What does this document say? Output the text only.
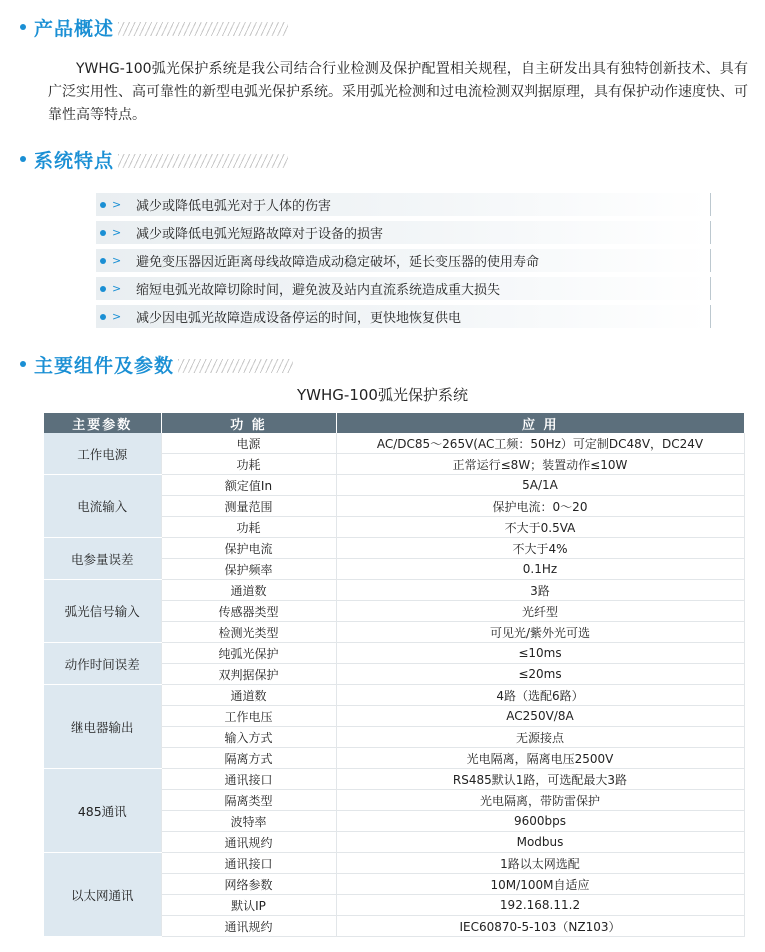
产品概述
YWHG-100弧光保护系统是我公司结合行业检测及保护配置相关规程，自主研发出具有独特创新技术、具有广泛实用性、高可靠性的新型电弧光保护系统。采用弧光检测和过电流检测双判据原理，具有保护动作速度快、可靠性高等特点。
系统特点
> 减少或降低电弧光对于人体的伤害
> 减少或降低电弧光短路故障对于设备的损害
> 避免变压器因近距离母线故障造成动稳定破坏，延长变压器的使用寿命
> 缩短电弧光故障切除时间，避免波及站内直流系统造成重大损失
> 减少因电弧光故障造成设备停运的时间，更快地恢复供电
主要组件及参数
YWHG-100弧光保护系统
主要参数	功 能	应 用
工作电源	电源	AC/DC85～265V(AC工频：50Hz）可定制DC48V，DC24V
	功耗	正常运行≤8W；装置动作≤10W
电流输入	额定值In	5A/1A
	测量范围	保护电流：0～20
	功耗	不大于0.5VA
电参量误差	保护电流	不大于4%
	保护频率	0.1Hz
弧光信号输入	通道数	3路
	传感器类型	光纤型
	检测光类型	可见光/紫外光可选
动作时间误差	纯弧光保护	≤10ms
	双判据保护	≤20ms
继电器输出	通道数	4路（选配6路）
	工作电压	AC250V/8A
	输入方式	无源接点
	隔离方式	光电隔离，隔离电压2500V
485通讯	通讯接口	RS485默认1路，可选配最大3路
	隔离类型	光电隔离，带防雷保护
	波特率	9600bps
	通讯规约	Modbus
以太网通讯	通讯接口	1路以太网选配
	网络参数	10M/100M自适应
	默认IP	192.168.11.2
	通讯规约	IEC60870-5-103（NZ103）
